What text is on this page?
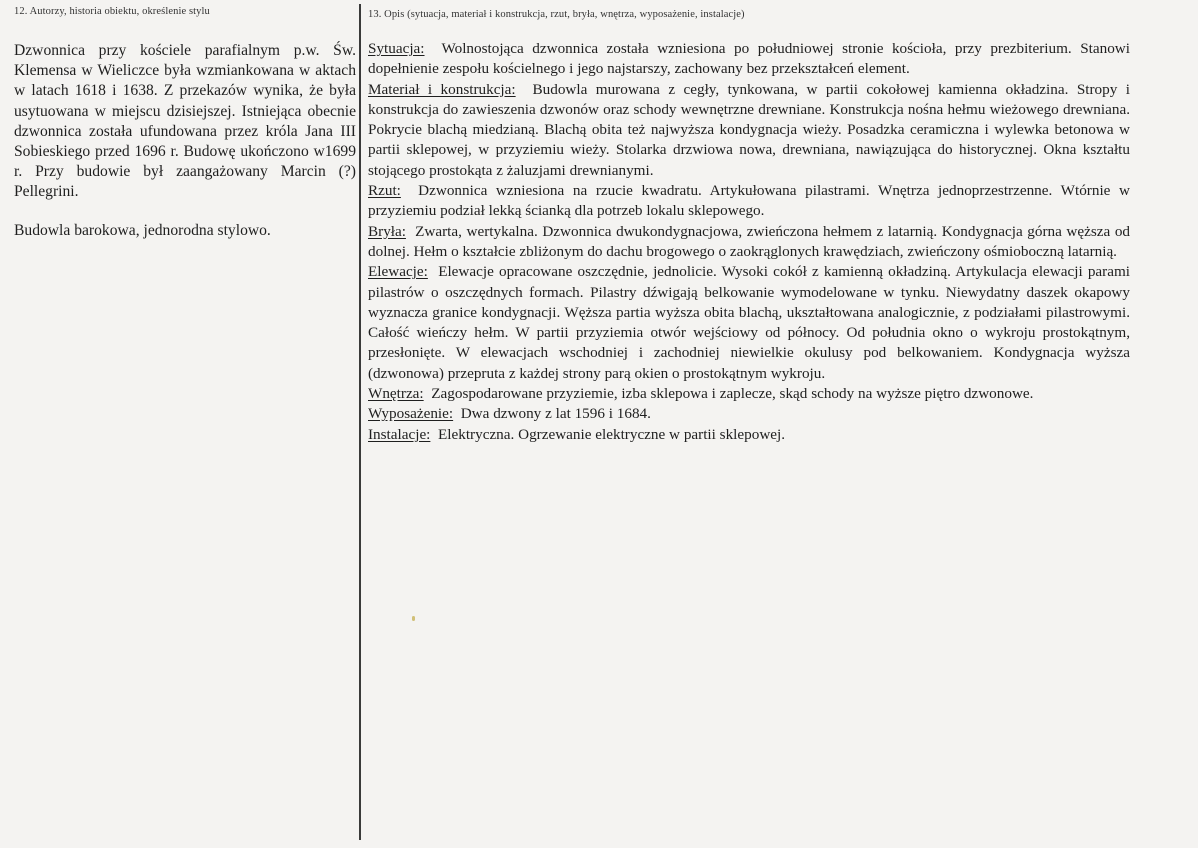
12. Autorzy, historia obiektu, określenie stylu

Dzwonnica przy kościele parafialnym p.w. Św. Klemensa w Wieliczce była wzmiankowana w aktach w latach 1618 i 1638. Z przekazów wynika, że była usytuowana w miejscu dzisiejszej. Istniejąca obecnie dzwonnica została ufundowana przez króla Jana III Sobieskiego przed 1696 r. Budowę ukończono w1699 r. Przy budowie był zaangażowany Marcin (?) Pellegrini.

Budowla barokowa, jednorodna stylowo.

13. Opis (sytuacja, materiał i konstrukcja, rzut, bryła, wnętrza, wyposażenie, instalacje)

Sytuacja: Wolnostojąca dzwonnica została wzniesiona po południowej stronie kościoła, przy prezbiterium. Stanowi dopełnienie zespołu kościelnego i jego najstarszy, zachowany bez przekształceń element.

Materiał i konstrukcja: Budowla murowana z cegły, tynkowana, w partii cokołowej kamienna okładzina. Stropy i konstrukcja do zawieszenia dzwonów oraz schody wewnętrzne drewniane. Konstrukcja nośna hełmu wieżowego drewniana. Pokrycie blachą miedzianą. Blachą obita też najwyższa kondygnacja wieży. Posadzka ceramiczna i wylewka betonowa w partii sklepowej, w przyziemiu wieży. Stolarka drzwiowa nowa, drewniana, nawiązująca do historycznej. Okna kształtu stojącego prostokąta z żaluzjami drewnianymi.

Rzut: Dzwonnica wzniesiona na rzucie kwadratu. Artykułowana pilastrami. Wnętrza jednoprzestrzenne. Wtórnie w przyziemiu podział lekką ścianką dla potrzeb lokalu sklepowego.

Bryła: Zwarta, wertykalna. Dzwonnica dwukondygnacjowa, zwieńczona hełmem z latarnią. Kondygnacja górna węższa od dolnej. Hełm o kształcie zbliżonym do dachu brogowego o zaokrąglonych krawędziach, zwieńczony ośmioboczną latarnią.

Elewacje: Elewacje opracowane oszczędnie, jednolicie. Wysoki cokół z kamienną okładziną. Artykulacja elewacji parami pilastrów o oszczędnych formach. Pilastry dźwigają belkowanie wymodelowane w tynku. Niewydatny daszek okapowy wyznacza granice kondygnacji. Węższa partia wyższa obita blachą, ukształtowana analogicznie, z podziałami pilastrowymi. Całość wieńczy hełm. W partii przyziemia otwór wejściowy od północy. Od południa okno o wykroju prostokątnym, przesłonięte. W elewacjach wschodniej i zachodniej niewielkie okulusy pod belkowaniem. Kondygnacja wyższa (dzwonowa) przepruta z każdej strony parą okien o prostokątnym wykroju.

Wnętrza: Zagospodarowane przyziemie, izba sklepowa i zaplecze, skąd schody na wyższe piętro dzwonowe.

Wyposażenie: Dwa dzwony z lat 1596 i 1684.

Instalacje: Elektryczna. Ogrzewanie elektryczne w partii sklepowej.
